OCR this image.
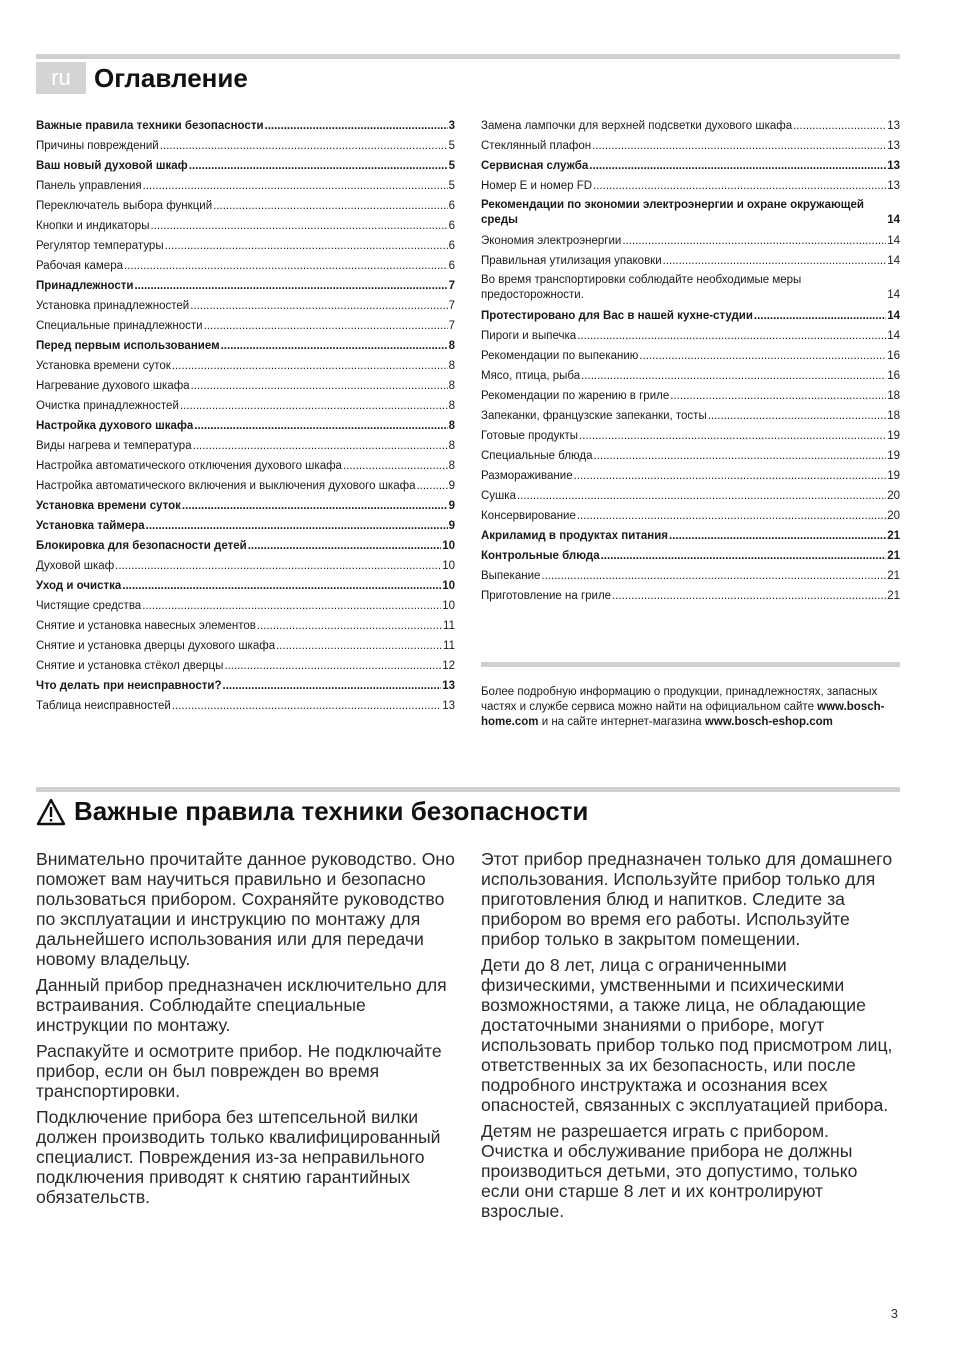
ru Оглавление
Важные правила техники безопасности .....	3
Причины повреждений .....	5
Ваш новый духовой шкаф .....	5
Панель управления .....	5
Переключатель выбора функций .....	6
Кнопки и индикаторы .....	6
Регулятор температуры .....	6
Рабочая камера .....	6
Принадлежности .....	7
Установка принадлежностей .....	7
Специальные принадлежности .....	7
Перед первым использованием .....	8
Установка времени суток .....	8
Нагревание духового шкафа .....	8
Очистка принадлежностей .....	8
Настройка духового шкафа .....	8
Виды нагрева и температура .....	8
Настройка автоматического отключения духового шкафа .....	8
Настройка автоматического включения и выключения духового шкафа .....	9
Установка времени суток .....	9
Установка таймера .....	9
Блокировка для безопасности детей .....	10
Духовой шкаф .....	10
Уход и очистка .....	10
Чистящие средства .....	10
Снятие и установка навесных элементов .....	11
Снятие и установка дверцы духового шкафа .....	11
Снятие и установка стёкол дверцы .....	12
Что делать при неисправности? .....	13
Таблица неисправностей .....	13
Замена лампочки для верхней подсветки духового шкафа .....	13
Стеклянный плафон .....	13
Сервисная служба .....	13
Номер E и номер FD .....	13
Рекомендации по экономии электроэнергии и охране окружающей среды	14
Экономия электроэнергии .....	14
Правильная утилизация упаковки .....	14
Во время транспортировки соблюдайте необходимые меры предосторожности.	14
Протестировано для Вас в нашей кухне-студии .....	14
Пироги и выпечка .....	14
Рекомендации по выпеканию .....	16
Мясо, птица, рыба .....	16
Рекомендации по жарению в гриле .....	18
Запеканки, французские запеканки, тосты .....	18
Готовые продукты .....	19
Специальные блюда .....	19
Размораживание .....	19
Сушка .....	20
Консервирование .....	20
Акриламид в продуктах питания .....	21
Контрольные блюда .....	21
Выпекание .....	21
Приготовление на гриле .....	21
Более подробную информацию о продукции, принадлежностях, запасных частях и службе сервиса можно найти на официальном сайте www.bosch-home.com и на сайте интернет-магазина www.bosch-eshop.com
Важные правила техники безопасности

Внимательно прочитайте данное руководство. Оно поможет вам научиться правильно и безопасно пользоваться прибором. Сохраняйте руководство по эксплуатации и инструкцию по монтажу для дальнейшего использования или для передачи новому владельцу.

Данный прибор предназначен исключительно для встраивания. Соблюдайте специальные инструкции по монтажу.

Распакуйте и осмотрите прибор. Не подключайте прибор, если он был поврежден во время транспортировки.

Подключение прибора без штепсельной вилки должен производить только квалифицированный специалист. Повреждения из-за неправильного подключения приводят к снятию гарантийных обязательств.

Этот прибор предназначен только для домашнего использования. Используйте прибор только для приготовления блюд и напитков. Следите за прибором во время его работы. Используйте прибор только в закрытом помещении.

Дети до 8 лет, лица с ограниченными физическими, умственными и психическими возможностями, а также лица, не обладающие достаточными знаниями о приборе, могут использовать прибор только под присмотром лиц, ответственных за их безопасность, или после подробного инструктажа и осознания всех опасностей, связанных с эксплуатацией прибора.

Детям не разрешается играть с прибором. Очистка и обслуживание прибора не должны производиться детьми, это допустимо, только если они старше 8 лет и их контролируют взрослые.

3
